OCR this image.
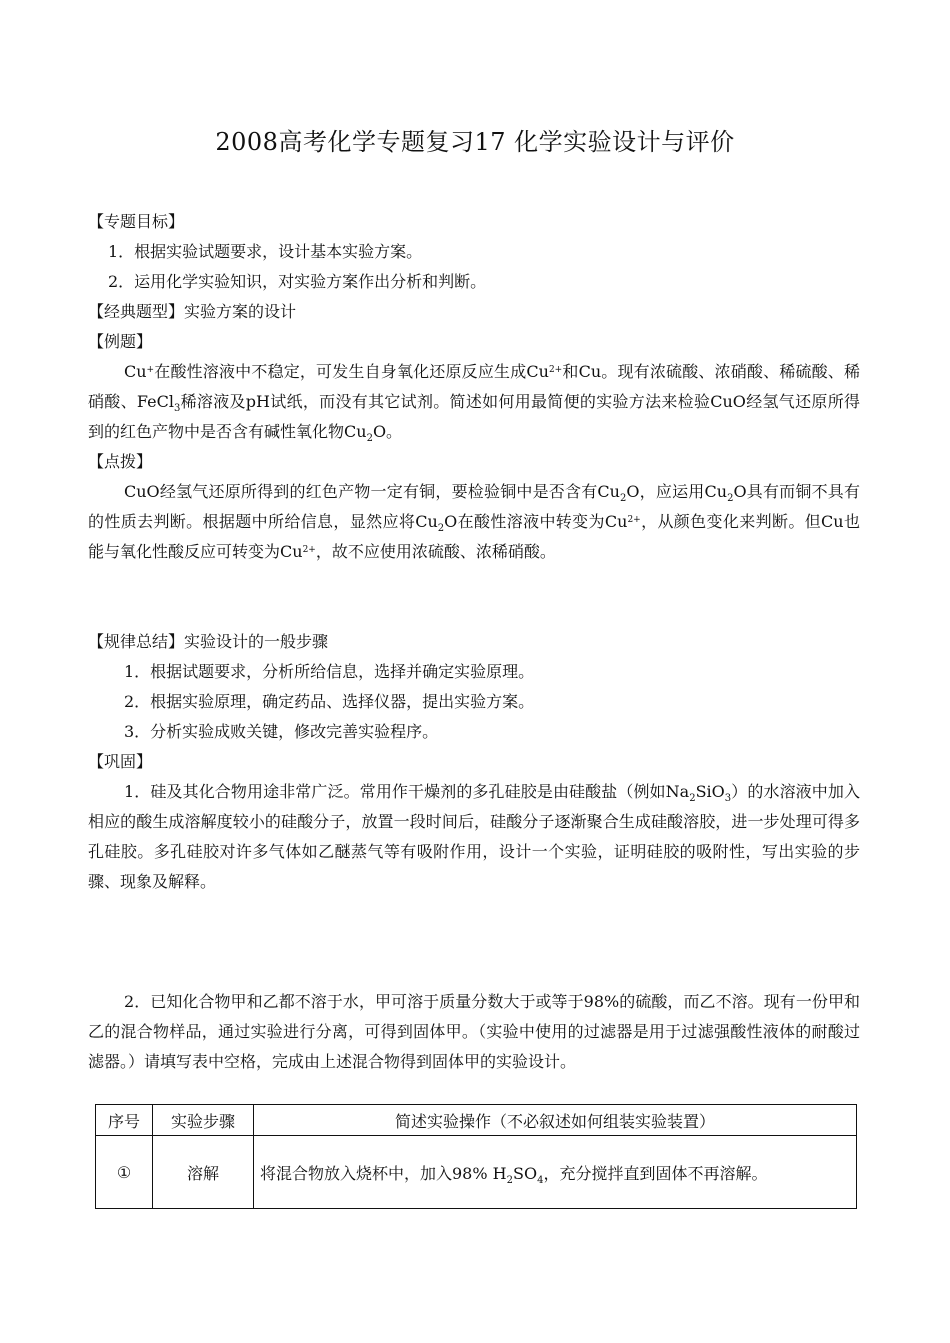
2008高考化学专题复习17 化学实验设计与评价

【专题目标】

1．根据实验试题要求，设计基本实验方案。

2．运用化学实验知识，对实验方案作出分析和判断。

【经典题型】实验方案的设计

【例题】

Cu+在酸性溶液中不稳定，可发生自身氧化还原反应生成$Cu^{2+}$和Cu。现有浓硫酸、浓硝酸、稀硫酸、稀硝酸、FeCl$_3$稀溶液及pH试纸，而没有其它试剂。简述如何用最简便的实验方法来检验CuO经氢气还原所得到的红色产物中是否含有碱性氧化物$Cu_2O$。

【点拨】

CuO经氢气还原所得到的红色产物一定有铜，要检验铜中是否含有$Cu_2O$，应运用$Cu_2O$具有而铜不具有的性质去判断。根据题中所给信息，显然应将$Cu_2O$在酸性溶液中转变为$Cu^{2+}$，从颜色变化来判断。但Cu也能与氧化性酸反应可转变为$Cu^{2+}$，故不应使用浓硫酸、浓稀硝酸。

【规律总结】实验设计的一般步骤

1．根据试题要求，分析所给信息，选择并确定实验原理。

2．根据实验原理，确定药品、选择仪器，提出实验方案。

3．分析实验成败关键，修改完善实验程序。

【巩固】

1．硅及其化合物用途非常广泛。常用作干燥剂的多孔硅胶是由硅酸盐（例如$Na_2SiO_3$）的水溶液中加入相应的酸生成溶解度较小的硅酸分子，放置一段时间后，硅酸分子逐渐聚合生成硅酸溶胶，进一步处理可得多孔硅胶。多孔硅胶对许多气体如乙醚蒸气等有吸附作用，设计一个实验，证明硅胶的吸附性，写出实验的步骤、现象及解释。

2．已知化合物甲和乙都不溶于水，甲可溶于质量分数大于或等于98%的硫酸，而乙不溶。现有一份甲和乙的混合物样品，通过实验进行分离，可得到固体甲。（实验中使用的过滤器是用于过滤强酸性液体的耐酸过滤器。）请填写表中空格，完成由上述混合物得到固体甲的实验设计。

序号	实验步骤	简述实验操作（不必叙述如何组装实验装置）
①	溶解	将混合物放入烧杯中，加入98% $H_2SO_4$，充分搅拌直到固体不再溶解。
